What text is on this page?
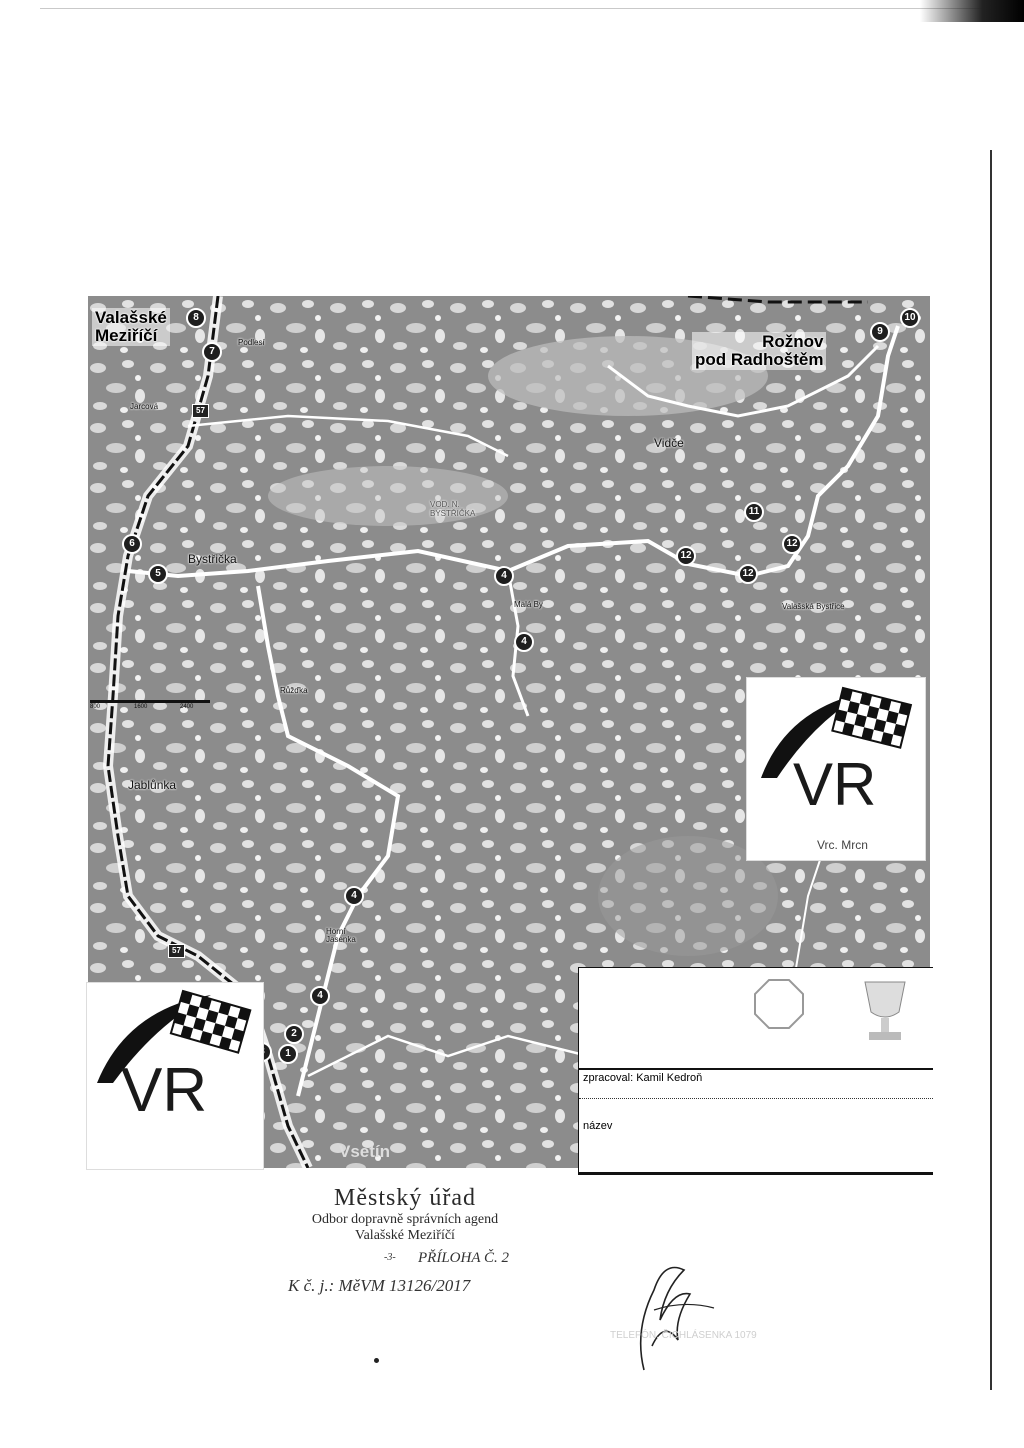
Valašské
Meziříčí	Rožnov
pod Radhoštěm
Podlesí
Jarcová
Vidče
VOD. N.
BYSTŘIČKA
Bystřička
Malá By	Valašská Bystřice
Růžďka
Jablůnka
Horní
Jasenka
Vsetín
57
57
800	1600	2400
1
2
4
4
4
4
5
6
7
8
9
10
11
12
12
12
VR
Vrc. Mrcn
VR	zpracoval: Kamil Kedroň
název
Městský úřad
Odbor dopravně správních agend
Valašské Meziříčí
-3- PŘÍLOHA Č. 2
K č. j.: MěVM 13126/2017
TELEFÓN, ČICHLÁSENKA 1079
